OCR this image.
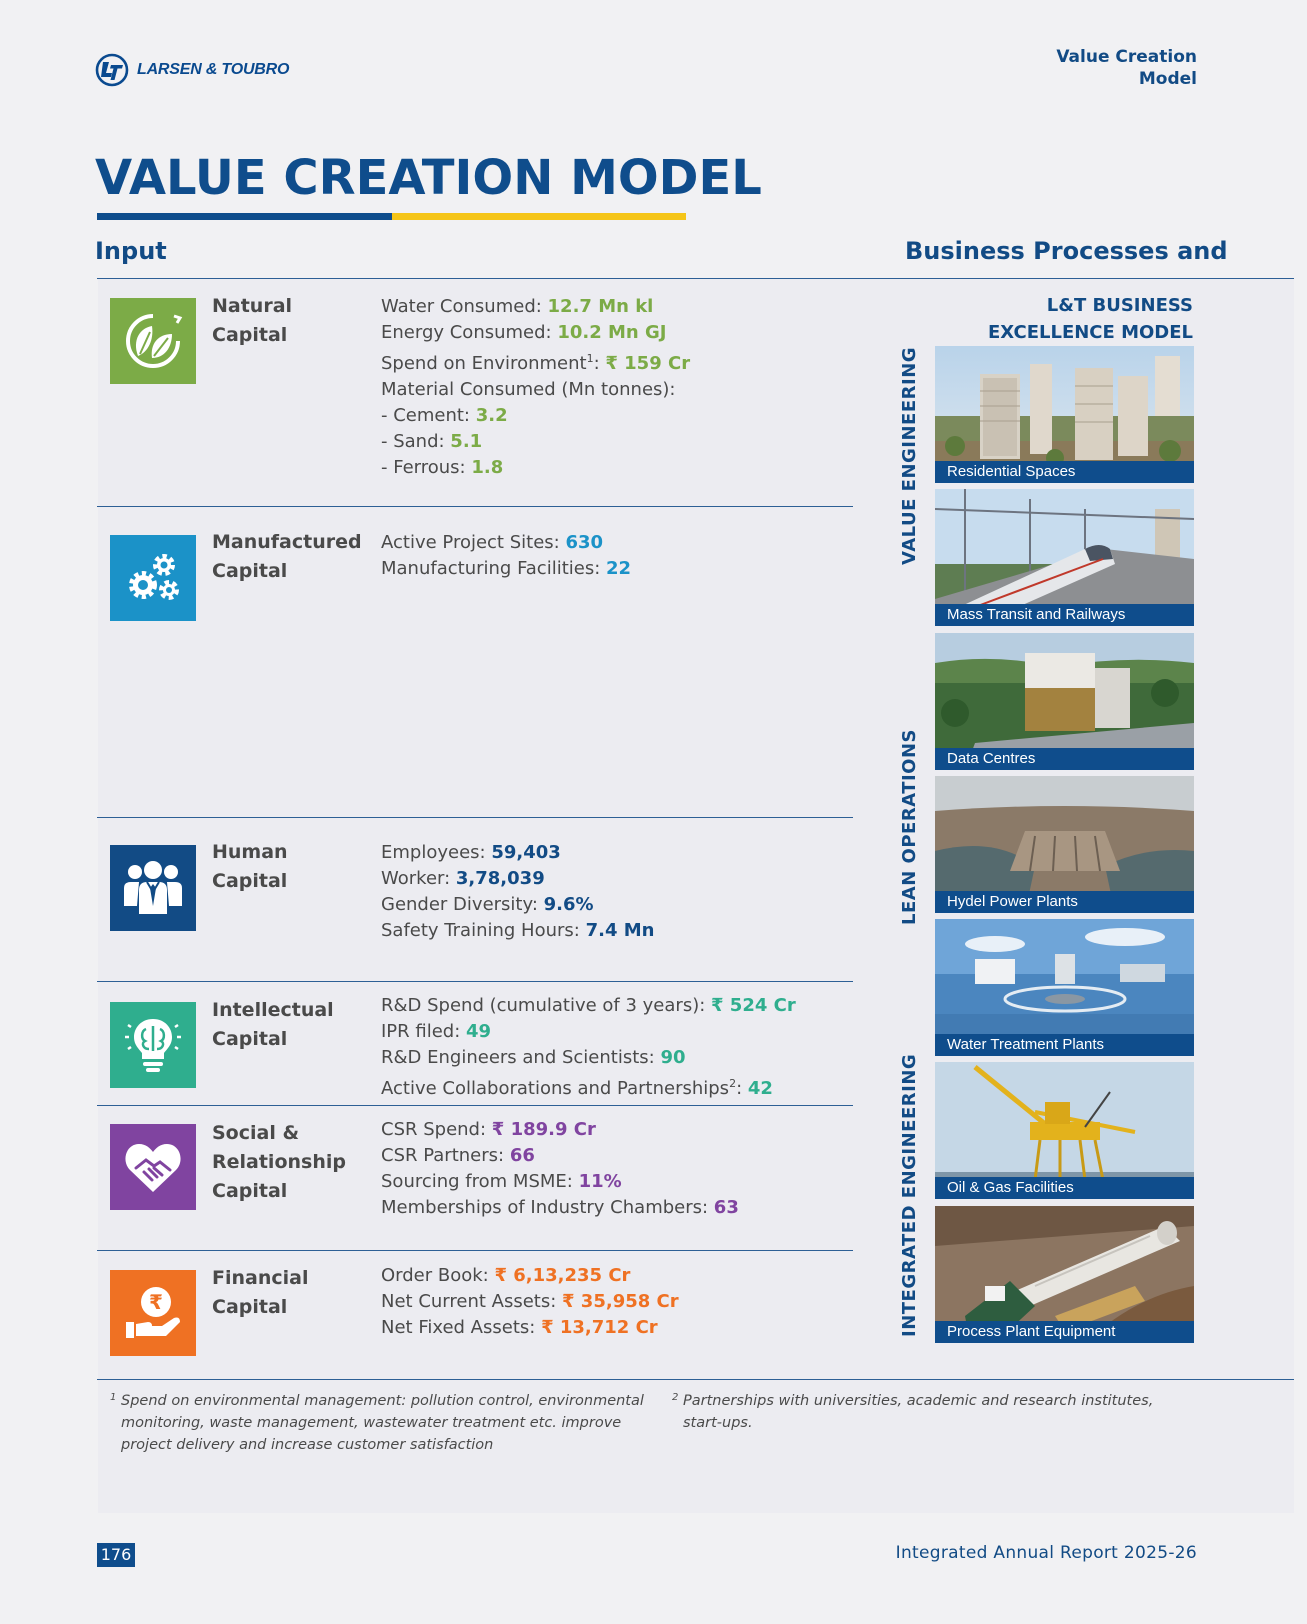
LARSEN & TOUBRO
Value Creation
Model
VALUE CREATION MODEL
Input	Business Processes and
Natural
Capital
Water Consumed: 12.7 Mn kl
Energy Consumed: 10.2 Mn GJ
Spend on Environment$^1$: ₹ 159 Cr
Material Consumed (Mn tonnes):
- Cement: 3.2
- Sand: 5.1
- Ferrous: 1.8
Manufactured
Capital
Active Project Sites: 630
Manufacturing Facilities: 22
Human
Capital
Employees: 59,403
Worker: 3,78,039
Gender Diversity: 9.6%
Safety Training Hours: 7.4 Mn
Intellectual
Capital
R&D Spend (cumulative of 3 years): ₹ 524 Cr
IPR filed: 49
R&D Engineers and Scientists: 90
Active Collaborations and Partnerships$^2$: 42
Social &
Relationship
Capital
CSR Spend: ₹ 189.9 Cr
CSR Partners: 66
Sourcing from MSME: 11%
Memberships of Industry Chambers: 63
₹
Financial
Capital
Order Book: ₹ 6,13,235 Cr
Net Current Assets: ₹ 35,958 Cr
Net Fixed Assets: ₹ 13,712 Cr
L&T BUSINESS
EXCELLENCE MODEL
VALUE ENGINEERING
LEAN OPERATIONS
INTEGRATED ENGINEERING
Residential Spaces
Mass Transit and Railways
Data Centres
Hydel Power Plants
Water Treatment Plants
Oil & Gas Facilities
Process Plant Equipment
1 Spend on environmental management: pollution control, environmental
monitoring, waste management, wastewater treatment etc. improve
project delivery and increase customer satisfaction
2 Partnerships with universities, academic and research institutes,
start-ups.
176	Integrated Annual Report 2025-26
